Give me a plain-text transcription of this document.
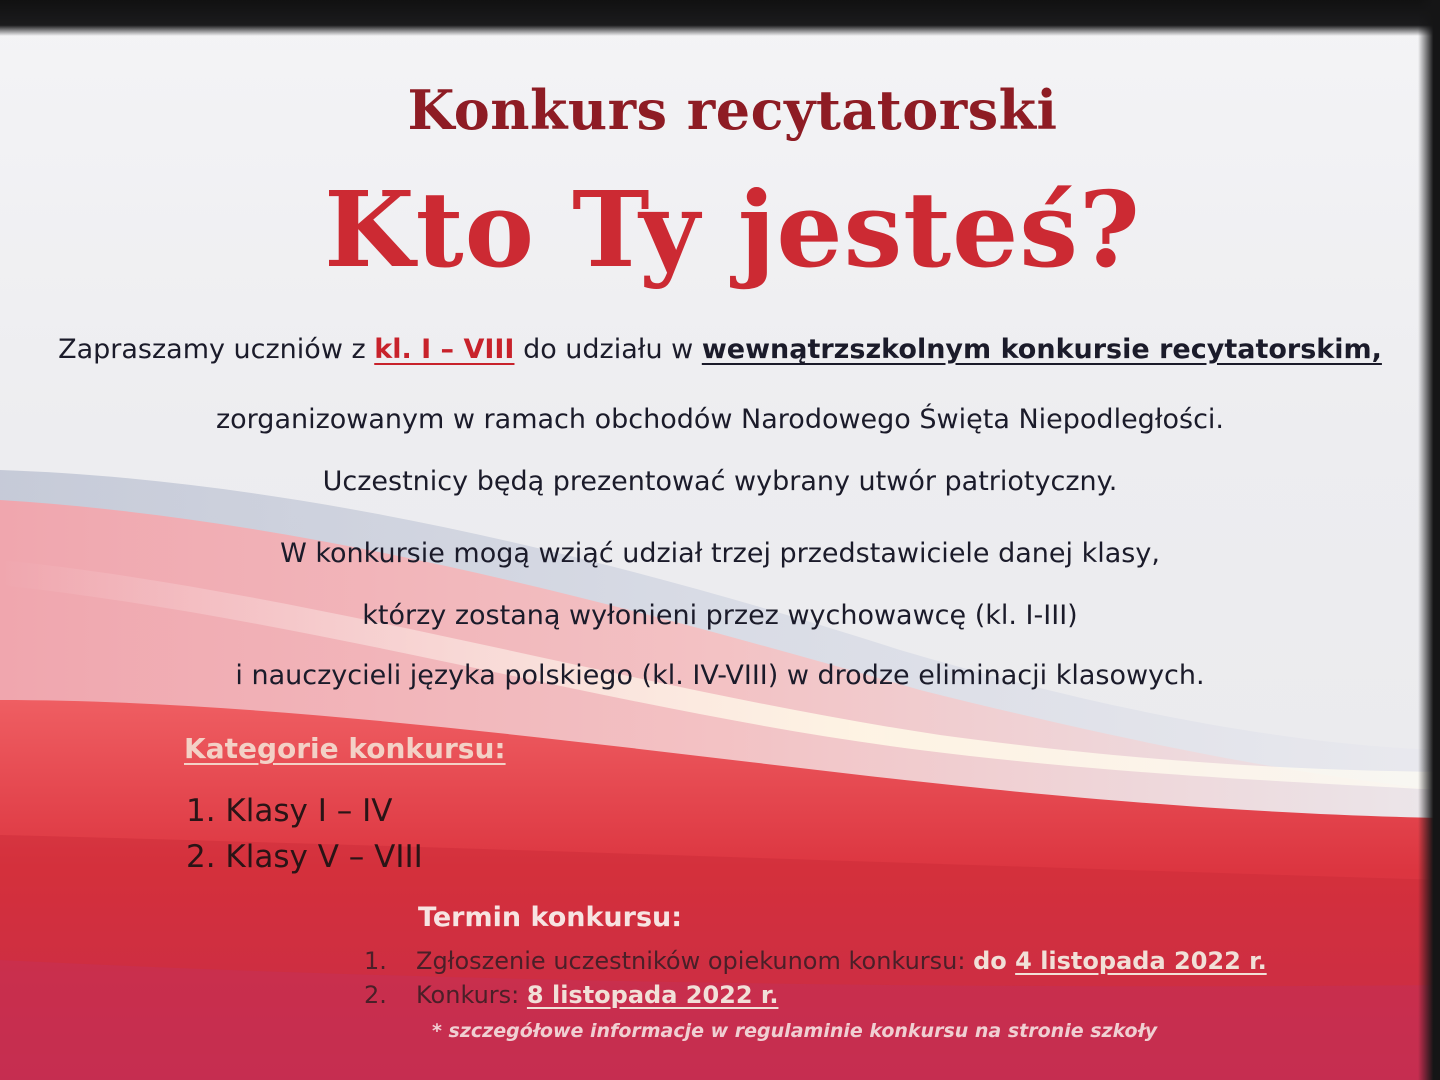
Konkurs recytatorski
Kto Ty jesteś?
Zapraszamy uczniów z kl. I – VIII do udziału w wewnątrzszkolnym konkursie recytatorskim,
zorganizowanym w ramach obchodów Narodowego Święta Niepodległości.
Uczestnicy będą prezentować wybrany utwór patriotyczny.
W konkursie mogą wziąć udział trzej przedstawiciele danej klasy,
którzy zostaną wyłonieni przez wychowawcę (kl. I-III)
i nauczycieli języka polskiego (kl. IV-VIII) w drodze eliminacji klasowych.
Kategorie konkursu:
1. Klasy I – IV
2. Klasy V – VIII
Termin konkursu:
1. Zgłoszenie uczestników opiekunom konkursu: do 4 listopada 2022 r.
2. Konkurs: 8 listopada 2022 r.
* szczegółowe informacje w regulaminie konkursu na stronie szkoły
